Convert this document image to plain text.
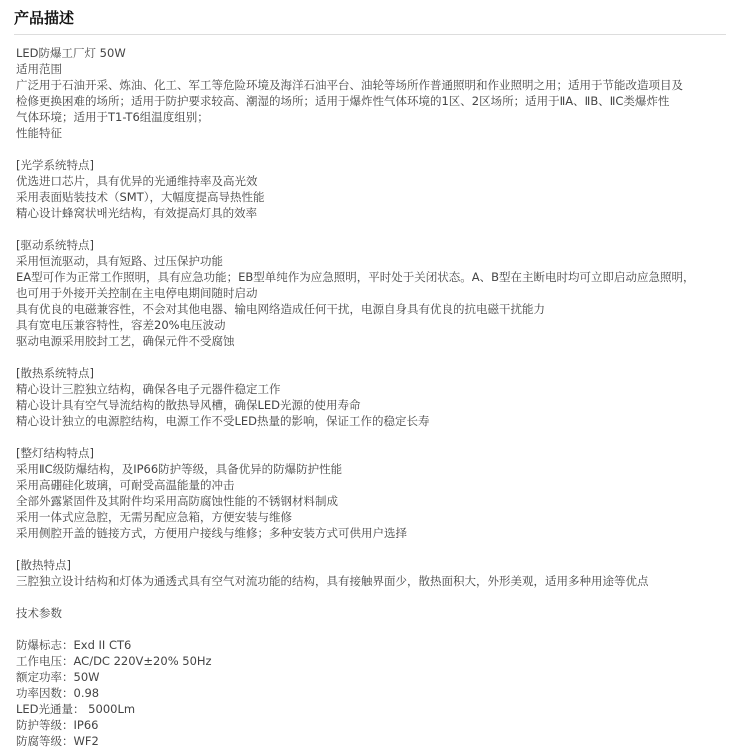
产品描述
LED防爆工厂灯 50W
适用范围
广泛用于石油开采、炼油、化工、军工等危险环境及海洋石油平台、油轮等场所作普通照明和作业照明之用；适用于节能改造项目及
检修更换困难的场所；适用于防护要求较高、潮湿的场所；适用于爆炸性气体环境的1区、2区场所；适用于ⅡA、ⅡB、ⅡC类爆炸性
气体环境；适用于T1-T6组温度组别；
性能特征
[光学系统特点]
优选进口芯片，具有优异的光通维持率及高光效
采用表面贴装技术（SMT），大幅度提高导热性能
精心设计蜂窝状배光结构，有效提高灯具的效率
[驱动系统特点]
采用恒流驱动，具有短路、过压保护功能
EA型可作为正常工作照明，具有应急功能；EB型单纯作为应急照明，平时处于关闭状态。A、B型在主断电时均可立即启动应急照明，
也可用于外接开关控制在主电停电期间随时启动
具有优良的电磁兼容性，不会对其他电器、输电网络造成任何干扰，电源自身具有优良的抗电磁干扰能力
具有宽电压兼容特性，容差20%电压波动
驱动电源采用胶封工艺，确保元件不受腐蚀
[散热系统特点]
精心设计三腔独立结构，确保各电子元器件稳定工作
精心设计具有空气导流结构的散热导风槽，确保LED光源的使用寿命
精心设计独立的电源腔结构，电源工作不受LED热量的影响，保证工作的稳定长寿
[整灯结构特点]
采用ⅡC级防爆结构，及IP66防护等级，具备优异的防爆防护性能
采用高硼硅化玻璃，可耐受高温能量的冲击
全部外露紧固件及其附件均采用高防腐蚀性能的不锈钢材料制成
采用一体式应急腔，无需另配应急箱，方便安装与维修
采用侧腔开盖的链接方式，方便用户接线与维修；多种安装方式可供用户选择
[散热特点]
三腔独立设计结构和灯体为通透式具有空气对流功能的结构，具有接触界面少，散热面积大，外形美观，适用多种用途等优点
技术参数
防爆标志：Exd II CT6
工作电压：AC/DC 220V±20% 50Hz
额定功率：50W
功率因数：0.98
LED光通量： 5000Lm
防护等级：IP66
防腐等级：WF2
